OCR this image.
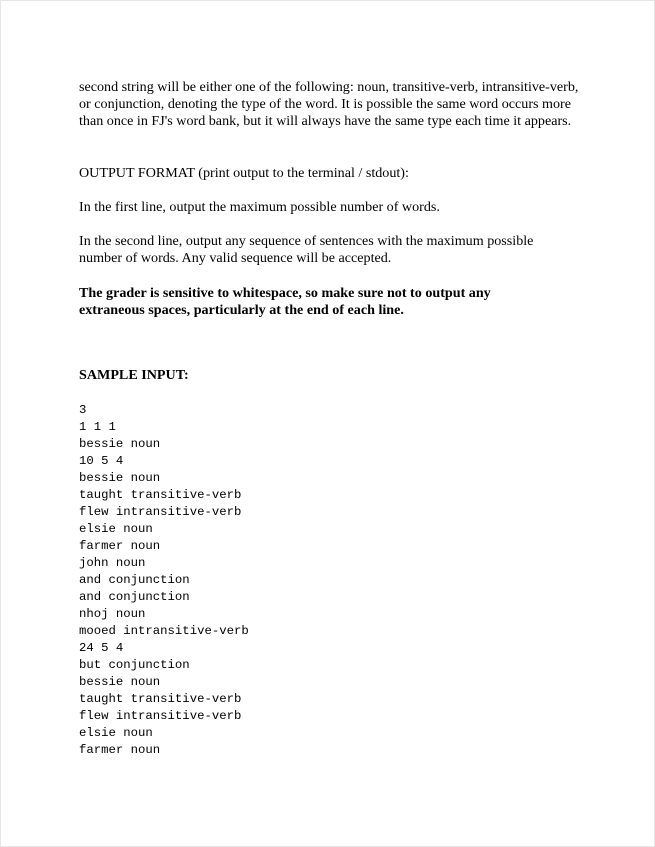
second string will be either one of the following: noun, transitive-verb, intransitive-verb, or conjunction, denoting the type of the word. It is possible the same word occurs more than once in FJ's word bank, but it will always have the same type each time it appears.

OUTPUT FORMAT (print output to the terminal / stdout):

In the first line, output the maximum possible number of words.

In the second line, output any sequence of sentences with the maximum possible number of words. Any valid sequence will be accepted.

The grader is sensitive to whitespace, so make sure not to output any extraneous spaces, particularly at the end of each line.

SAMPLE INPUT:

3
1 1 1
bessie noun
10 5 4
bessie noun
taught transitive-verb
flew intransitive-verb
elsie noun
farmer noun
john noun
and conjunction
and conjunction
nhoj noun
mooed intransitive-verb
24 5 4
but conjunction
bessie noun
taught transitive-verb
flew intransitive-verb
elsie noun
farmer noun
